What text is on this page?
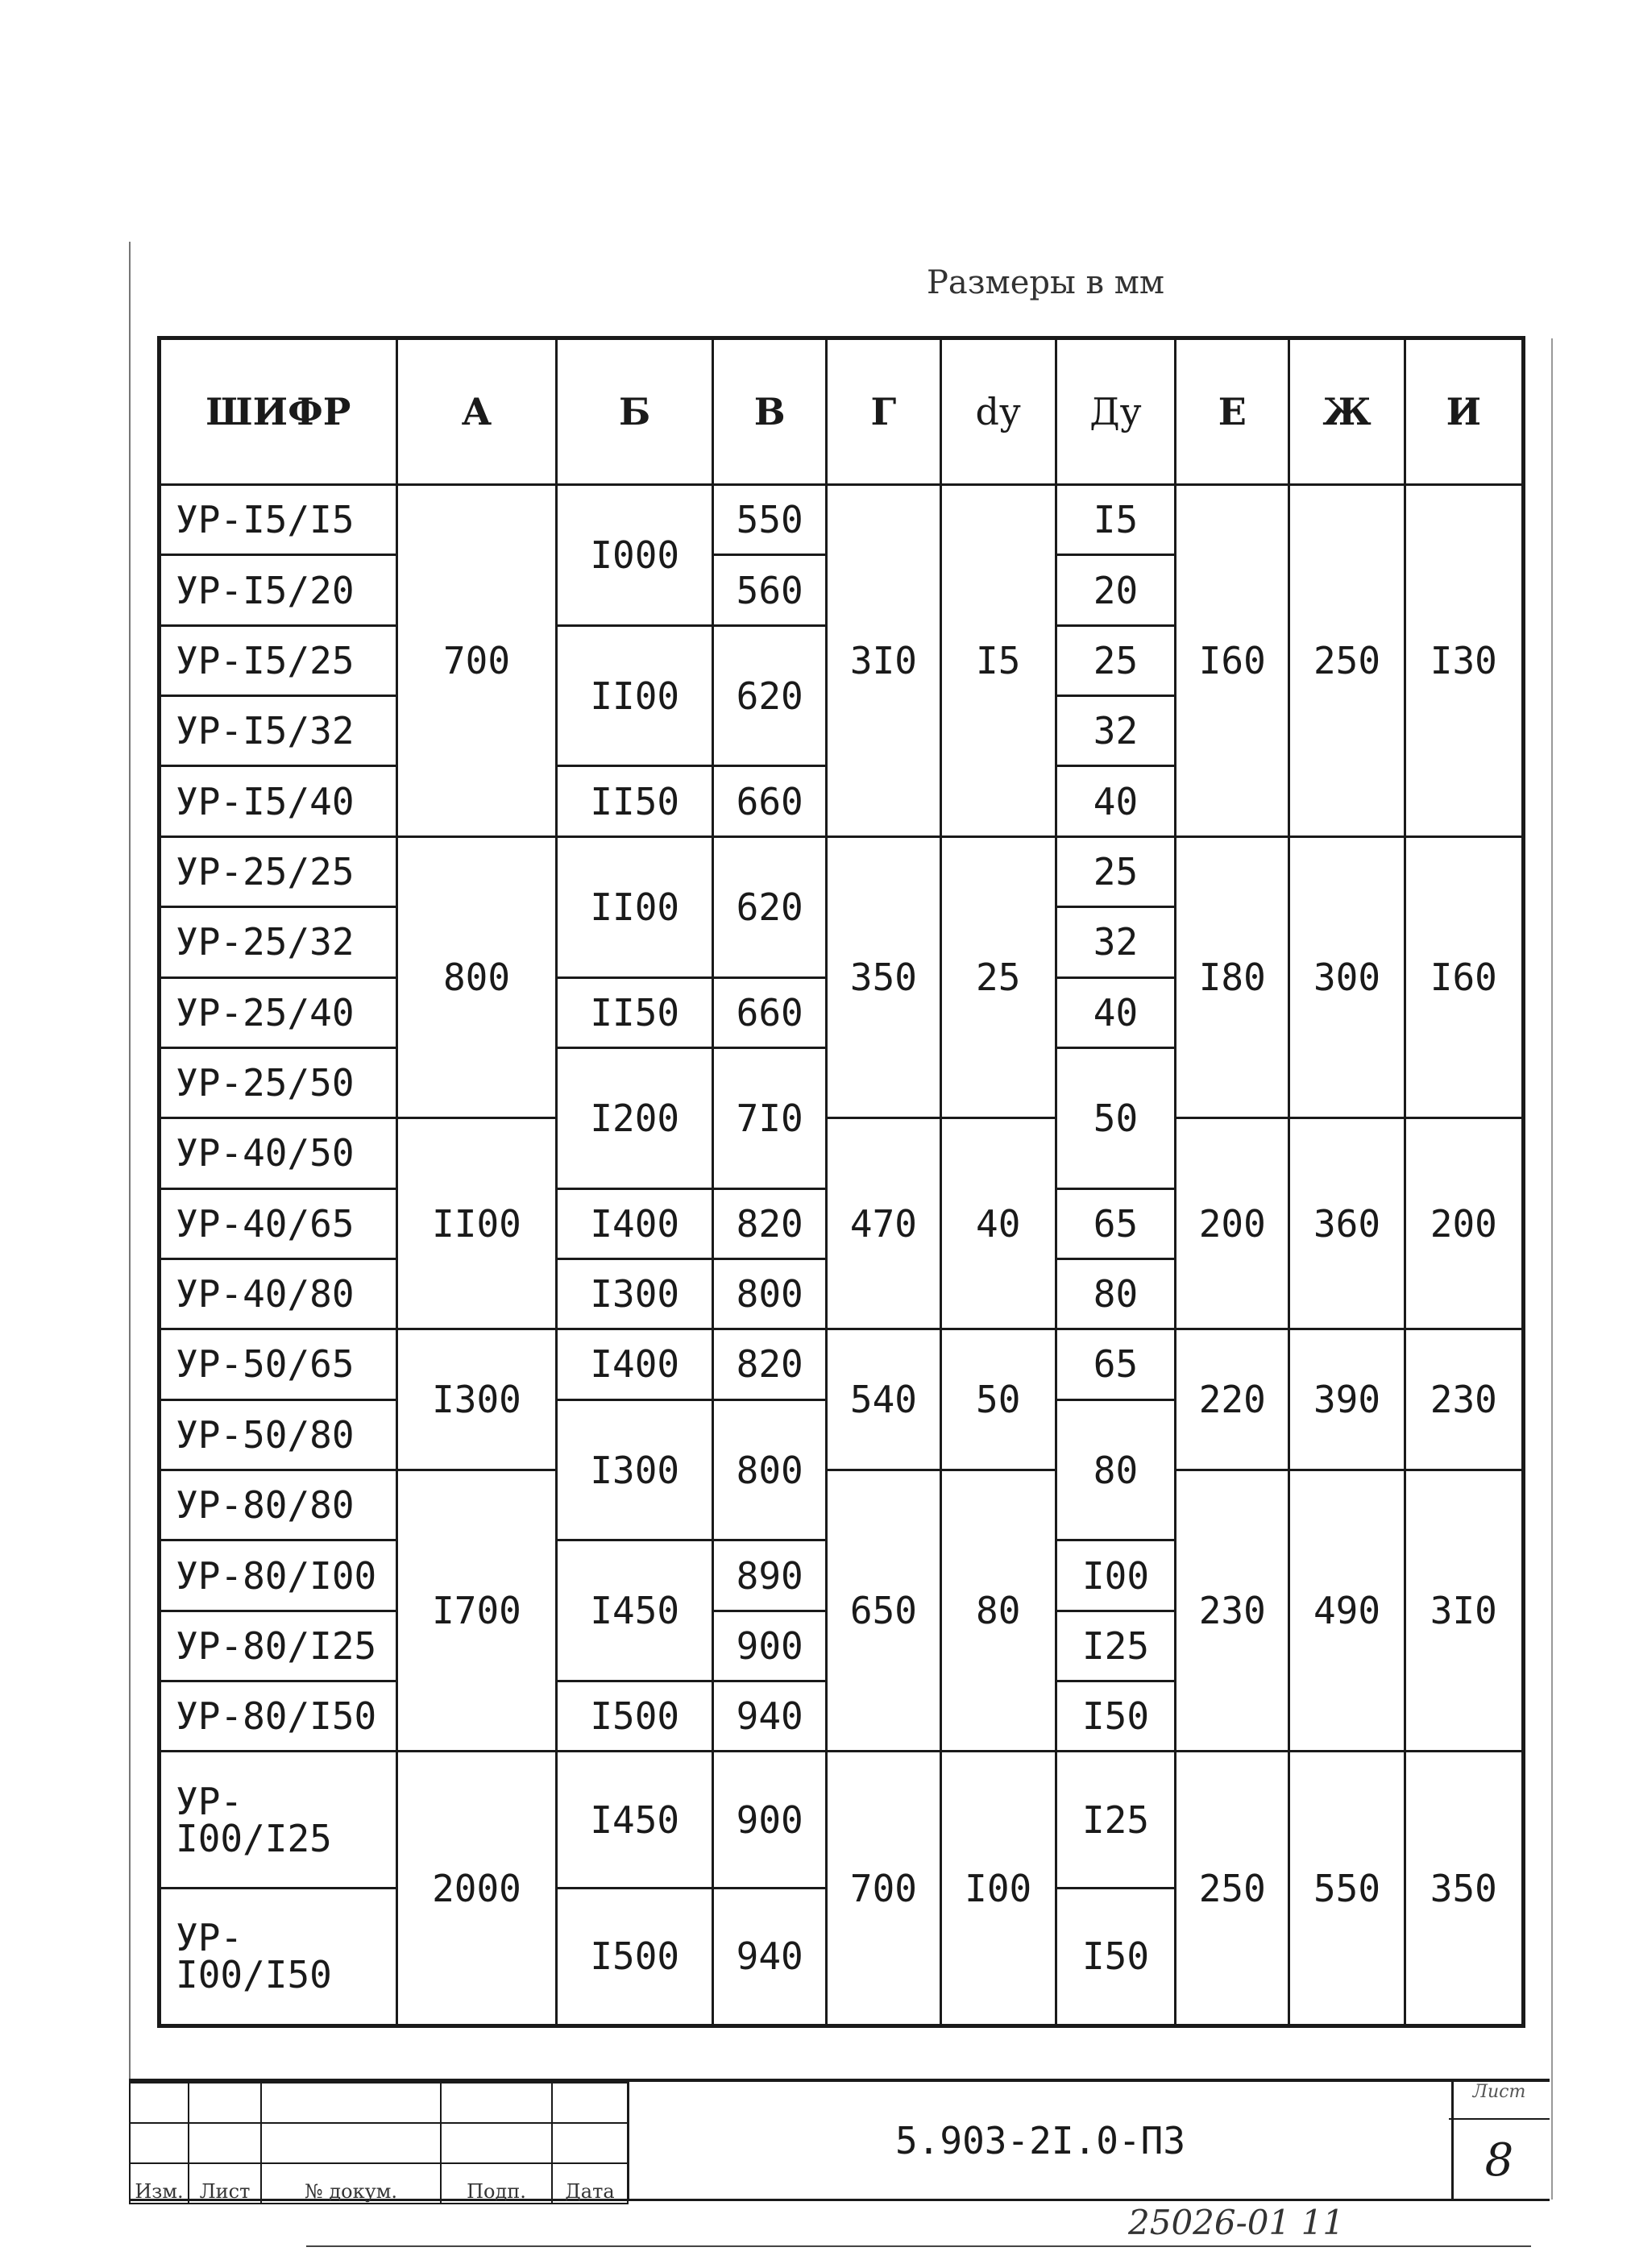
Размеры в мм
ШИФР	А	Б	В	Г	dу	Ду	Е	Ж	И
УР-I5/I5	700	I000	550	3I0	I5	I5	I60	250	I30
УР-I5/20			560			20			
УР-I5/25		II00	620			25			
УР-I5/32						32			
УР-I5/40		II50	660			40			
УР-25/25	800	II00	620	350	25	25	I80	300	I60
УР-25/32						32			
УР-25/40		II50	660			40			
УР-25/50		I200	7I0			50			
УР-40/50	II00			470	40		200	360	200
УР-40/65		I400	820			65			
УР-40/80		I300	800			80			
УР-50/65	I300	I400	820	540	50	65	220	390	230
УР-50/80		I300	800			80			
УР-80/80	I700			650	80		230	490	3I0
УР-80/I00		I450	890			I00			
УР-80/I25			900			I25			
УР-80/I50		I500	940			I50			
УР-I00/I25	2000	I450	900	700	I00	I25	250	550	350
УР-I00/I50		I500	940			I50			

Изм.	Лист	№ докум.	Подп.	Дата
5.903-2I.0-ПЗ
Лист
8
25026-01 11
